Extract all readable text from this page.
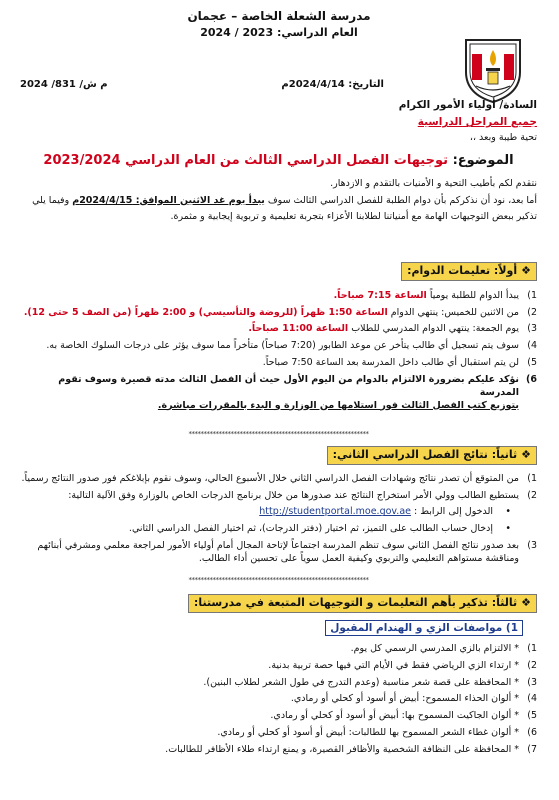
مدرسة الشعلة الخاصة – عجمان
العام الدراسي: 2023 / 2024
التاريخ: 2024/4/14م
م ش/ 831/ 2024
السادة/ أولياء الأمور الكرام
جميع المراحل الدراسية
تحية طيبة وبعد ،،
الموضوع: توجيهات الفصل الدراسي الثالث من العام الدراسي 2023/2024
نتقدم لكم بأطيب التحية و الأمنيات بالتقدم و الازدهار.
أما بعد، نود أن نذكركم بأن دوام الطلبة للفصل الدراسي الثالث سوف يبدأ يوم غد الاثنين الموافق: 2024/4/15م وفيما يلي
تذكير ببعض التوجيهات الهامة مع أمنياتنا لطلابنا الأعزاء بتجربة تعليمية و تربوية إيجابية و مثمرة.
❖أولاً: تعليمات الدوام:
1)
يبدأ الدوام للطلبة يومياً الساعة 7:15 صباحاً.
2)
من الاثنين للخميس: ينتهي الدوام الساعة 1:50 ظهراً (للروضة والتأسيسي) و 2:00 ظهراً (من الصف 5 حتى 12).
3)
يوم الجمعة: ينتهي الدوام المدرسي للطلاب الساعة 11:00 صباحاً.
4)
سوف يتم تسجيل أي طالب يتأخر عن موعد الطابور (7:20 صباحاً) متأخراً مما سوف يؤثر على درجات السلوك الخاصة به.
5)
لن يتم استقبال أي طالب داخل المدرسة بعد الساعة 7:50 صباحاً.
6)
نؤكد عليكم بضرورة الالتزام بالدوام من اليوم الأول حيث أن الفصل الثالث مدته قصيرة وسوف تقوم المدرسة
بتوزيع كتب الفصل الثالث فور استلامها من الوزارة و البدء بالمقررات مباشرة.
************************************************************
❖ثانياً: نتائج الفصل الدراسي الثاني:
1)
من المتوقع أن تصدر نتائج وشهادات الفصل الدراسي الثاني خلال الأسبوع الحالي، وسوف نقوم بإبلاغكم فور صدور النتائج رسمياً.
2)
يستطيع الطالب وولي الأمر استخراج النتائج عند صدورها من خلال برنامج الدرجات الخاص بالوزارة وفق الآلية التالية:
•
الدخول إلى الرابط : http://studentportal.moe.gov.ae
•
إدخال حساب الطالب على التميز، ثم اختيار (دفتر الدرجات)، ثم اختيار الفصل الدراسي الثاني.
3)
بعد صدور نتائج الفصل الثاني سوف تنظم المدرسة اجتماعاً لإتاحة المجال أمام أولياء الأمور لمراجعة معلمي ومشرفي أبنائهم
ومناقشة مستواهم التعليمي والتربوي وكيفية العمل سوياً على تحسين أداء الطالب.
************************************************************
❖ثالثاً: تذكير بأهم التعليمات و التوجيهات المتبعة في مدرستنا:
1) مواصفات الزي و الهندام المقبول
1)
* الالتزام بالزي المدرسي الرسمي كل يوم.
2)
* ارتداء الزي الرياضي فقط في الأيام التي فيها حصة تربية بدنية.
3)
* المحافظة على قصة شعر مناسبة (وعدم التدرج في طول الشعر لطلاب البنين).
4)
* ألوان الحذاء المسموح: أبيض أو أسود أو كحلي أو رمادي.
5)
* ألوان الجاكيت المسموح بها: أبيض أو أسود أو كحلي أو رمادي.
6)
* ألوان غطاء الشعر المسموح بها للطالبات: أبيض أو أسود أو كحلي أو رمادي.
7)
* المحافظة على النظافة الشخصية والأظافر القصيرة، و يمنع ارتداء طلاء الأظافر للطالبات.
